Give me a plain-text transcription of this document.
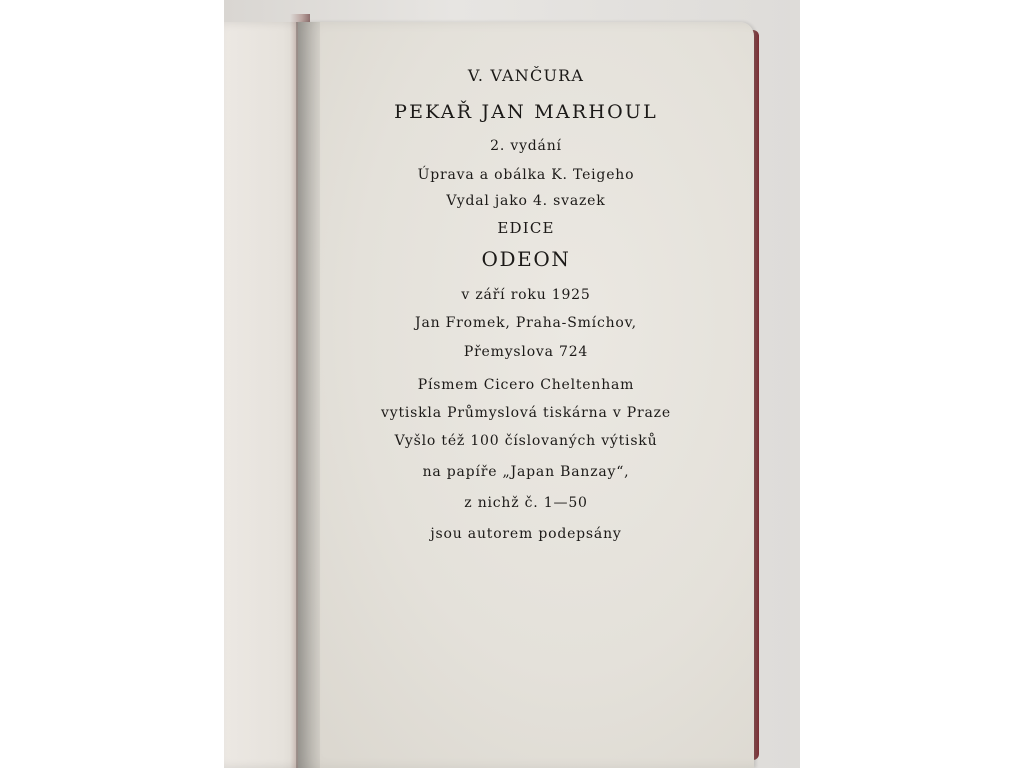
V. VANČURA
PEKAŘ JAN MARHOUL
2. vydání
Úprava a obálka K. Teigeho
Vydal jako 4. svazek
EDICE
ODEON
v září roku 1925
Jan Fromek, Praha-Smíchov,
Přemyslova 724
Písmem Cicero Cheltenham
vytiskla Průmyslová tiskárna v Praze
Vyšlo též 100 číslovaných výtisků
na papíře „Japan Banzay“,
z nichž č. 1—50
jsou autorem podepsány
